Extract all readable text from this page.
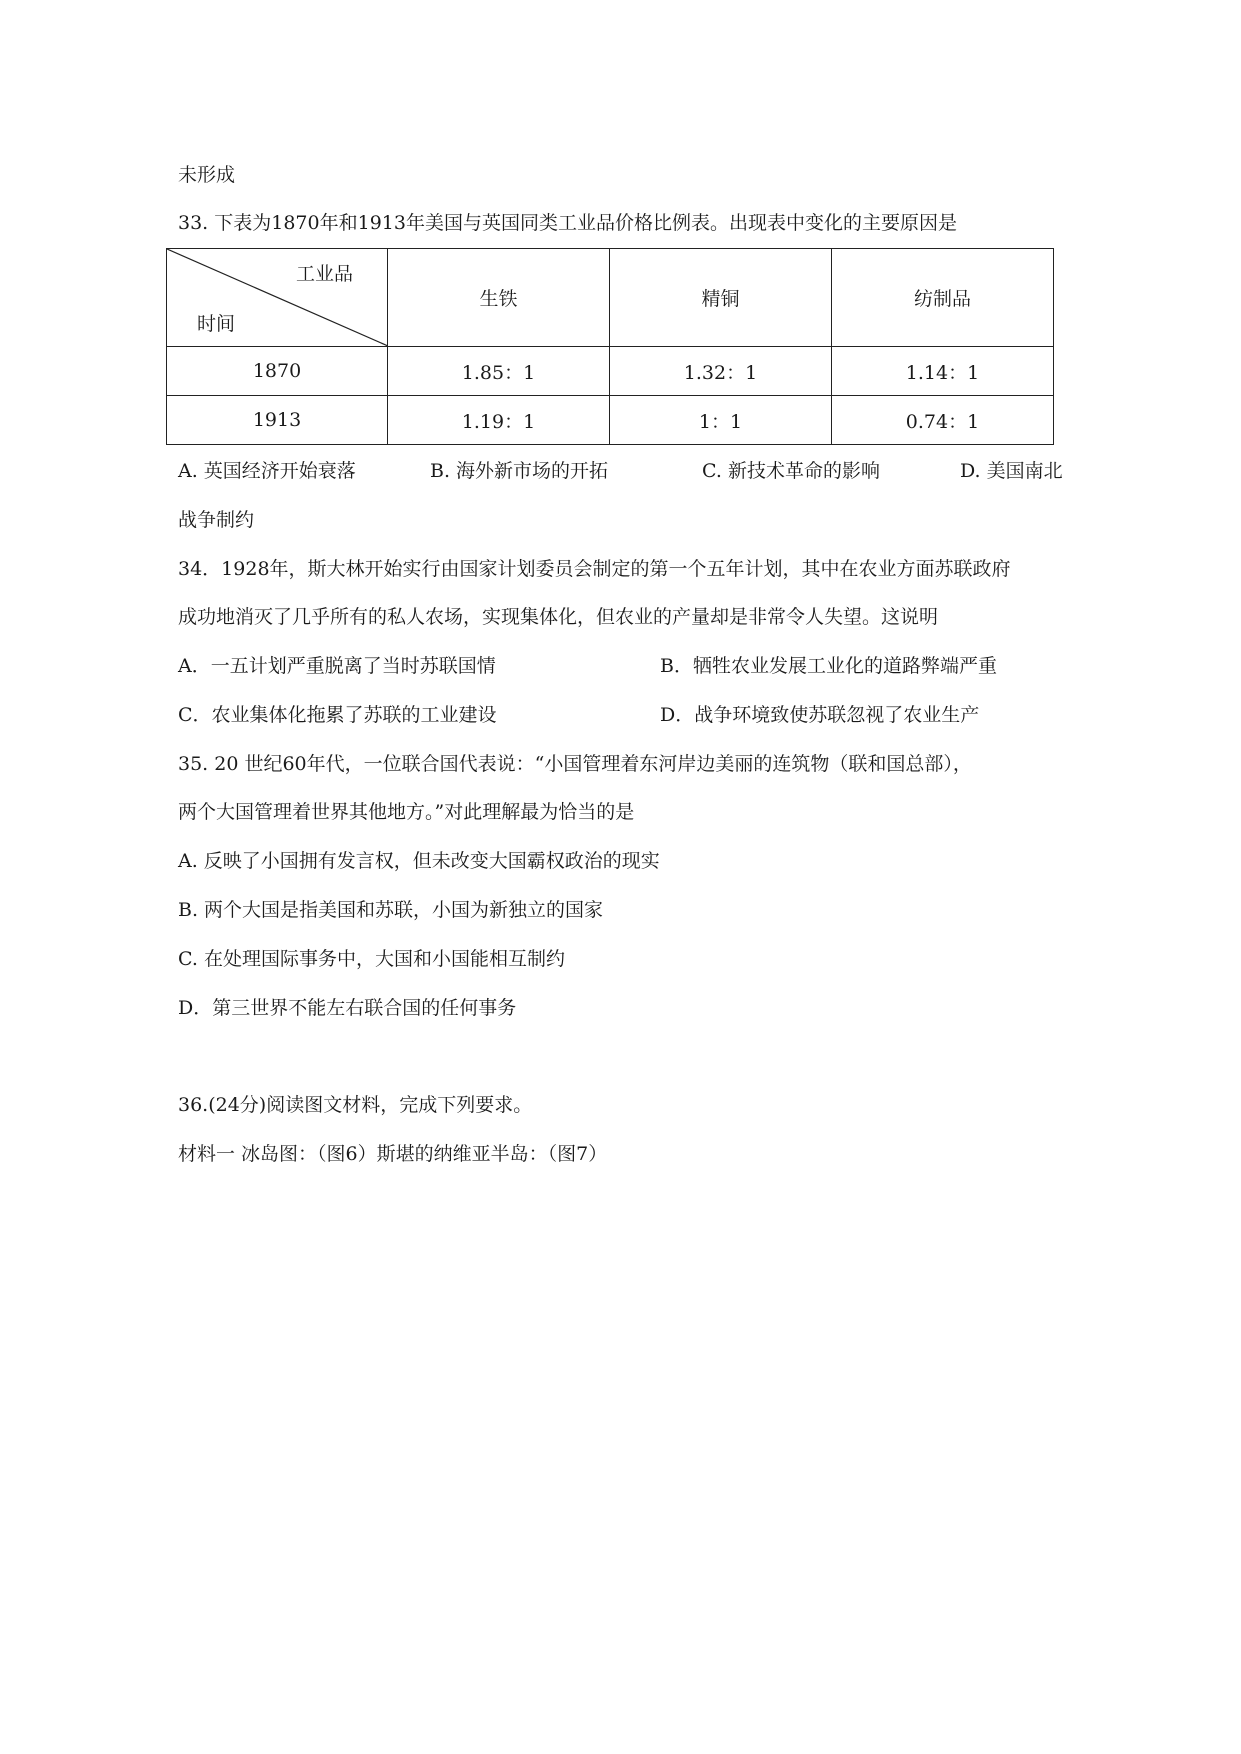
未形成
33. 下表为1870年和1913年美国与英国同类工业品价格比例表。出现表中变化的主要原因是
工业品
时间	生铁	精铜	纺制品
1870	1.85：1	1.32：1	1.14：1
1913	1.19：1	1：1	0.74：1
A. 英国经济开始衰落	B. 海外新市场的开拓	C. 新技术革命的影响	D. 美国南北
战争制约
34．1928年，斯大林开始实行由国家计划委员会制定的第一个五年计划，其中在农业方面苏联政府
成功地消灭了几乎所有的私人农场，实现集体化，但农业的产量却是非常令人失望。这说明
A．一五计划严重脱离了当时苏联国情	B．牺牲农业发展工业化的道路弊端严重
C．农业集体化拖累了苏联的工业建设	D．战争环境致使苏联忽视了农业生产
35. 20 世纪60年代，一位联合国代表说：“小国管理着东河岸边美丽的连筑物（联和国总部），
两个大国管理着世界其他地方。”对此理解最为恰当的是
A. 反映了小国拥有发言权，但未改变大国霸权政治的现实
B. 两个大国是指美国和苏联，小国为新独立的国家
C. 在处理国际事务中，大国和小国能相互制约
D．第三世界不能左右联合国的任何事务
36.(24分)阅读图文材料，完成下列要求。
材料一 冰岛图：（图6）斯堪的纳维亚半岛：（图7）
